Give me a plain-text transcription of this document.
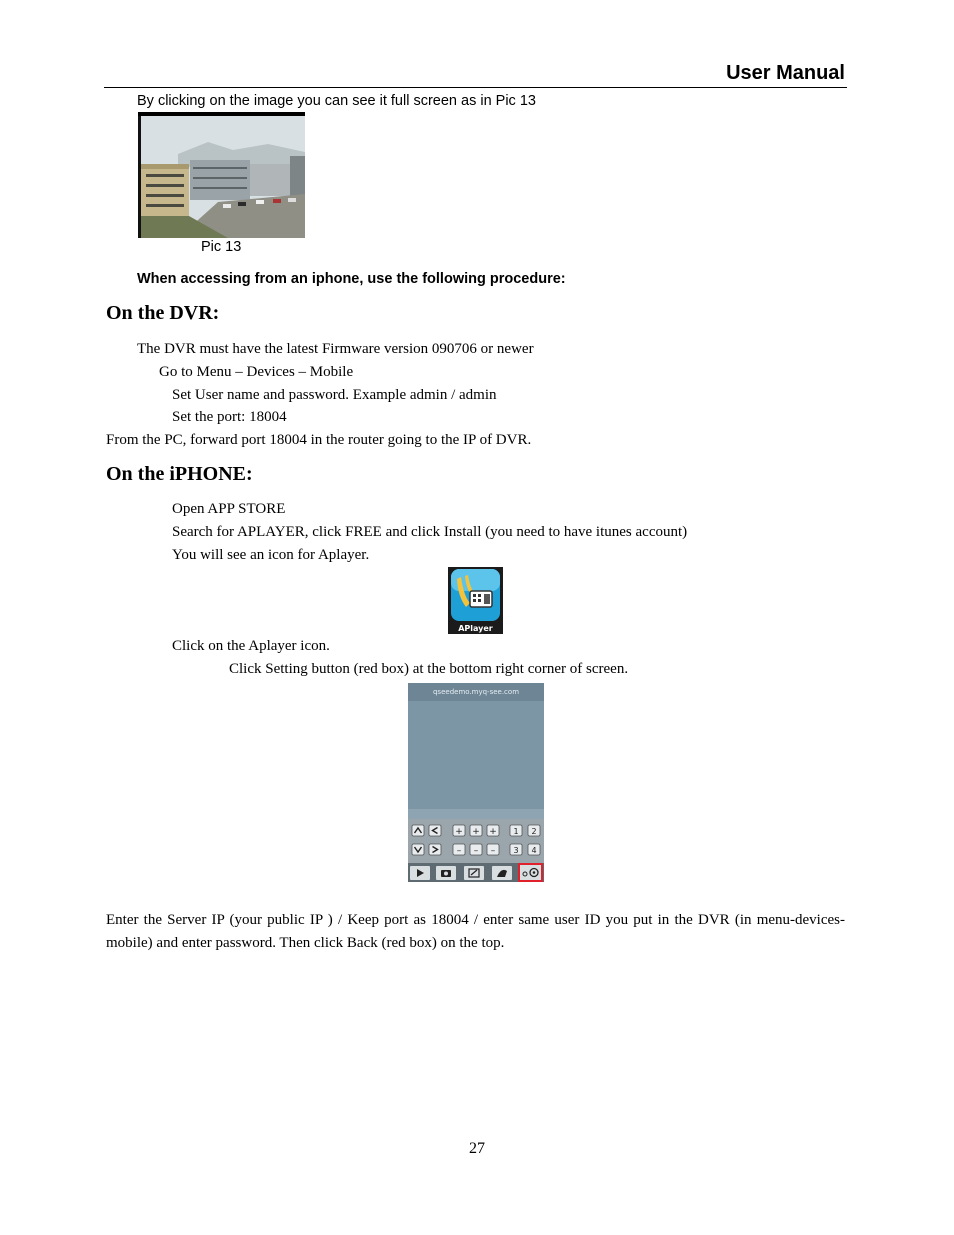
User Manual
By clicking on the image you can see it full screen as in Pic 13
Pic 13
When accessing from an iphone, use the following procedure:
On the DVR:
The DVR must have the latest Firmware version 090706 or newer
Go to Menu – Devices – Mobile
Set User name and password. Example admin / admin
Set the port: 18004
From the PC, forward port 18004 in the router going to the IP of DVR.
On the iPHONE:
Open APP STORE
Search for APLAYER, click FREE and click Install (you need to have itunes account)
You will see an icon for Aplayer.
APlayer
Click on the Aplayer icon.
Click Setting button (red box) at the bottom right corner of screen.
qseedemo.myq-see.com
+ + + 1 2
– – – 3 4
Enter the Server IP (your public IP ) / Keep port as 18004 / enter same user ID you put in the DVR (in menu-devices-mobile) and enter password. Then click Back (red box) on the top.
27
